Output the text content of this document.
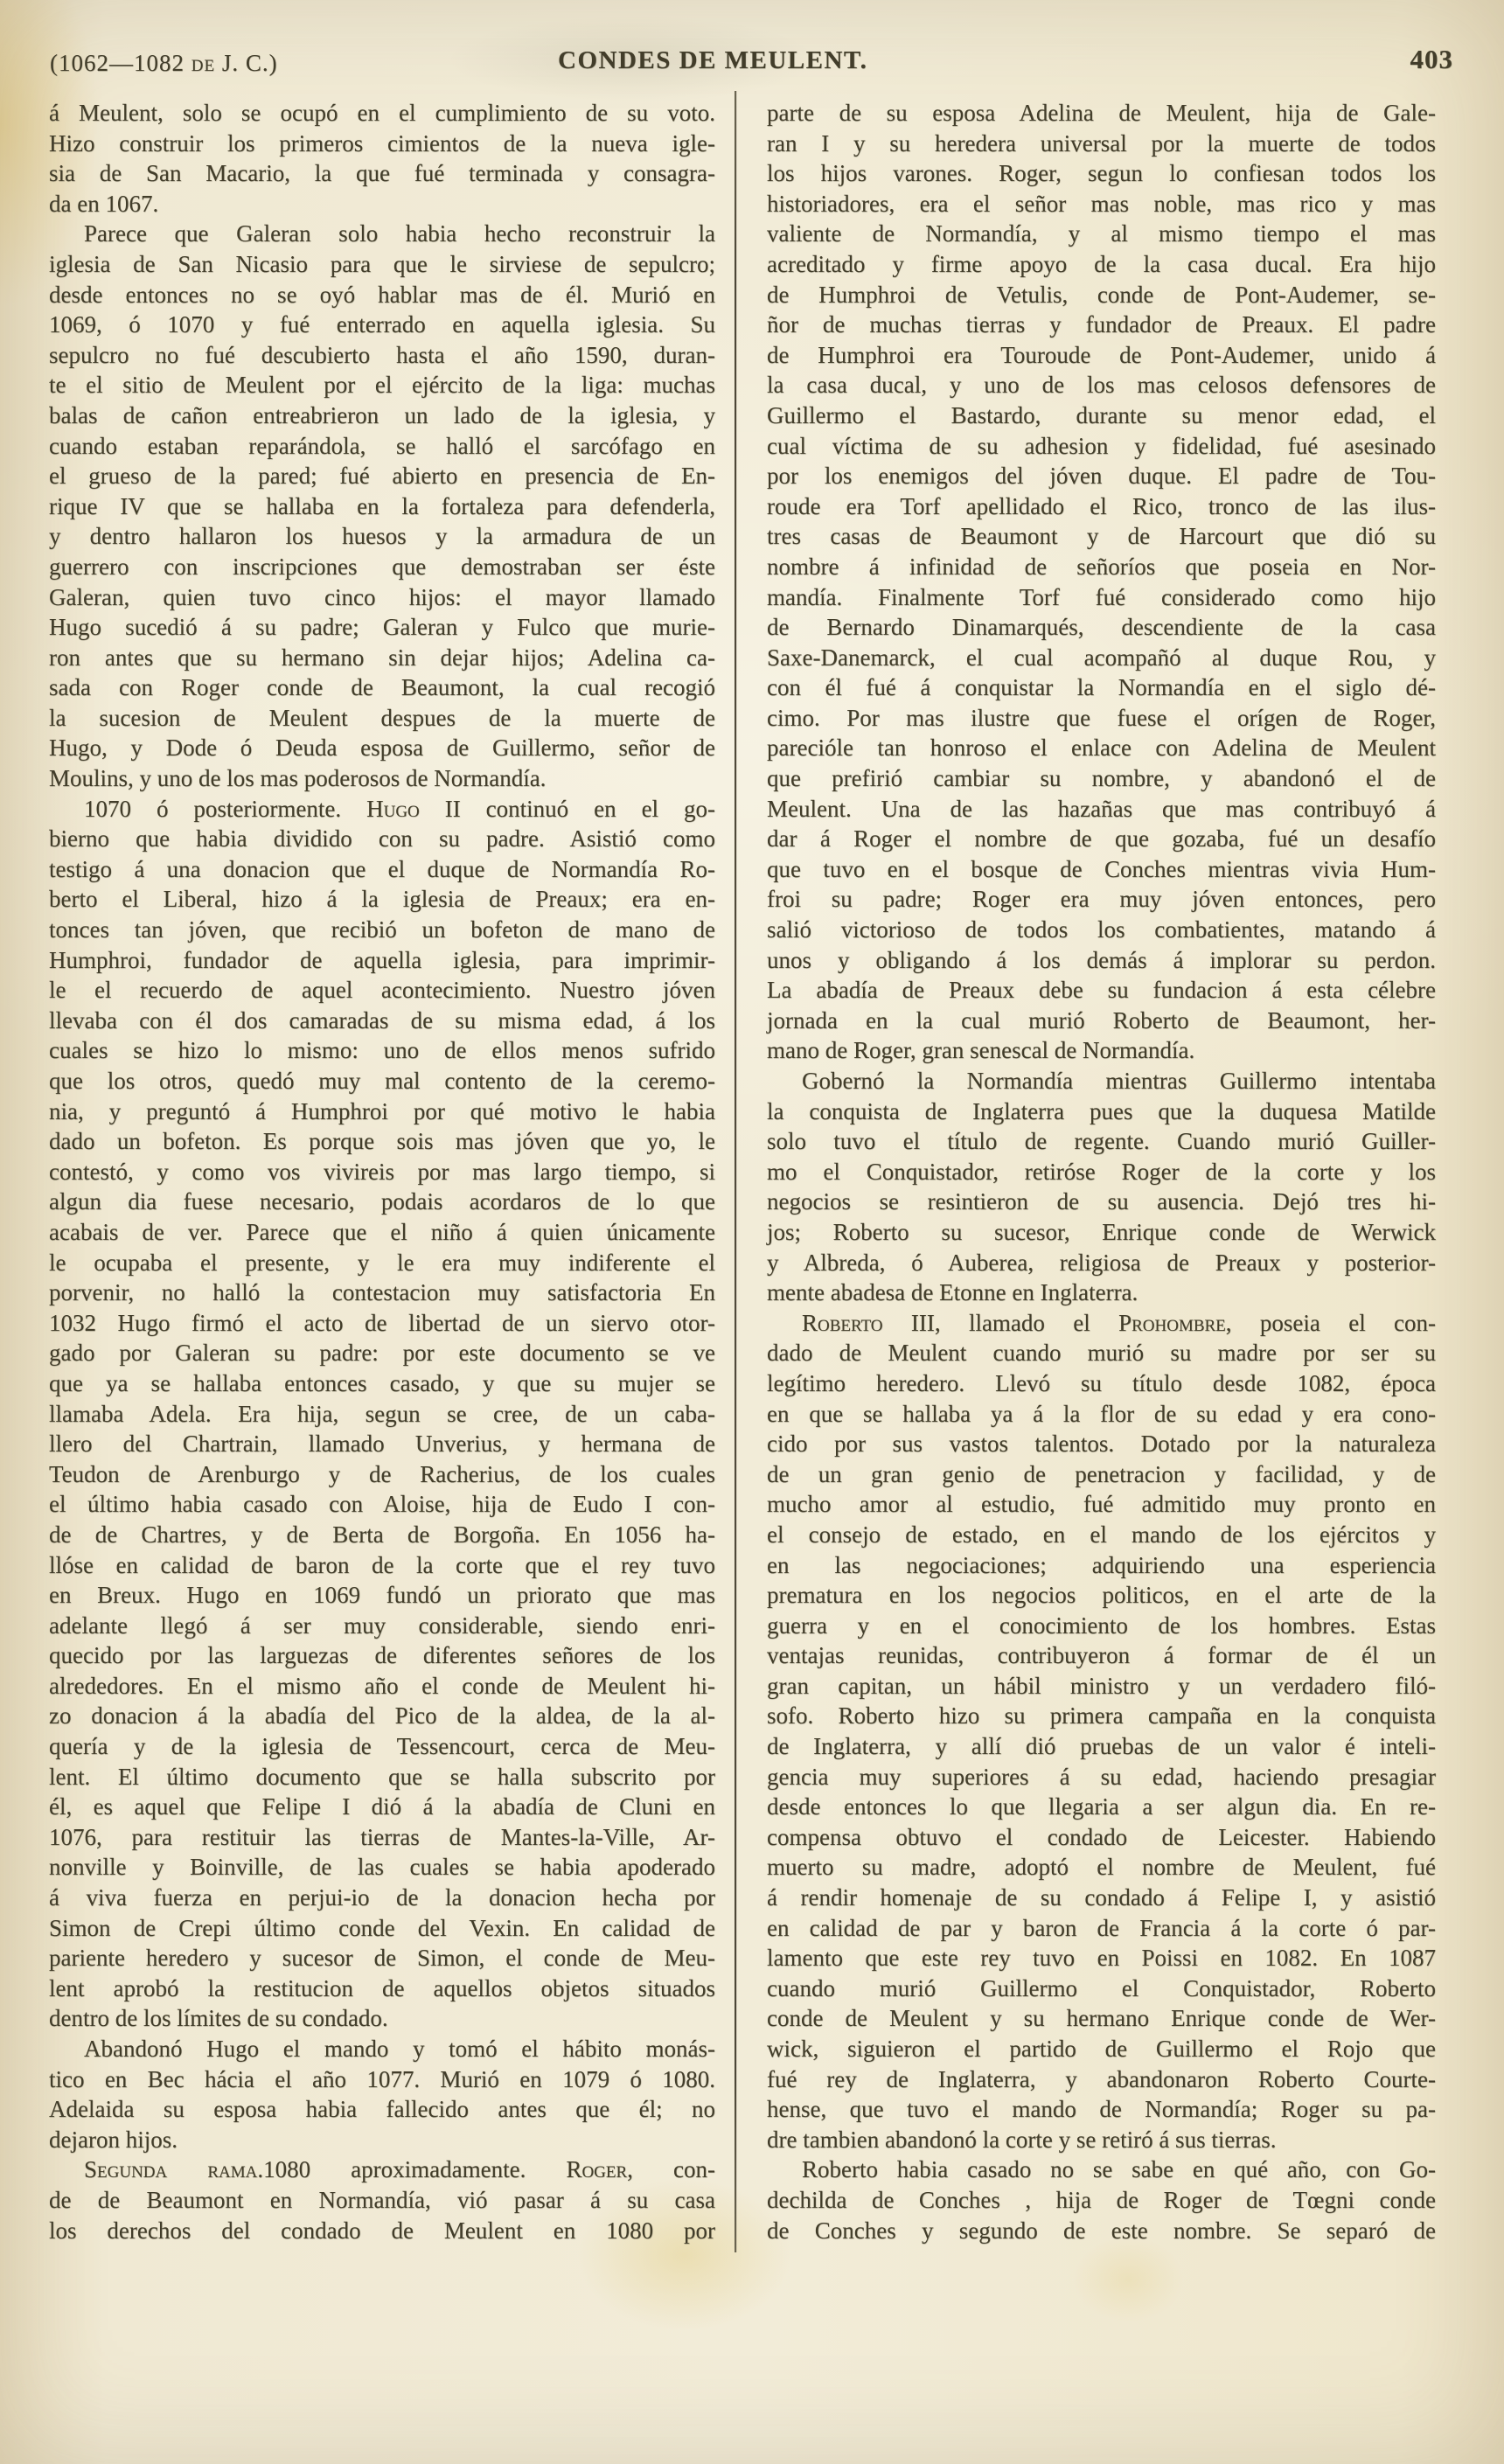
(1062—1082 de J. C.)	CONDES DE MEULENT.	403
á Meulent, solo se ocupó en el cumplimiento de su voto.
Hizo construir los primeros cimientos de la nueva igle-
sia de San Macario, la que fué terminada y consagra-
da en 1067.
Parece que Galeran solo habia hecho reconstruir la
iglesia de San Nicasio para que le sirviese de sepulcro;
desde entonces no se oyó hablar mas de él. Murió en
1069, ó 1070 y fué enterrado en aquella iglesia. Su
sepulcro no fué descubierto hasta el año 1590, duran-
te el sitio de Meulent por el ejército de la liga: muchas
balas de cañon entreabrieron un lado de la iglesia, y
cuando estaban reparándola, se halló el sarcófago en
el grueso de la pared; fué abierto en presencia de En-
rique IV que se hallaba en la fortaleza para defenderla,
y dentro hallaron los huesos y la armadura de un
guerrero con inscripciones que demostraban ser éste
Galeran, quien tuvo cinco hijos: el mayor llamado
Hugo sucedió á su padre; Galeran y Fulco que murie-
ron antes que su hermano sin dejar hijos; Adelina ca-
sada con Roger conde de Beaumont, la cual recogió
la sucesion de Meulent despues de la muerte de
Hugo, y Dode ó Deuda esposa de Guillermo, señor de
Moulins, y uno de los mas poderosos de Normandía.
1070 ó posteriormente. Hugo II continuó en el go-
bierno que habia dividido con su padre. Asistió como
testigo á una donacion que el duque de Normandía Ro-
berto el Liberal, hizo á la iglesia de Preaux; era en-
tonces tan jóven, que recibió un bofeton de mano de
Humphroi, fundador de aquella iglesia, para imprimir-
le el recuerdo de aquel acontecimiento. Nuestro jóven
llevaba con él dos camaradas de su misma edad, á los
cuales se hizo lo mismo: uno de ellos menos sufrido
que los otros, quedó muy mal contento de la ceremo-
nia, y preguntó á Humphroi por qué motivo le habia
dado un bofeton. Es porque sois mas jóven que yo, le
contestó, y como vos vivireis por mas largo tiempo, si
algun dia fuese necesario, podais acordaros de lo que
acabais de ver. Parece que el niño á quien únicamente
le ocupaba el presente, y le era muy indiferente el
porvenir, no halló la contestacion muy satisfactoria En
1032 Hugo firmó el acto de libertad de un siervo otor-
gado por Galeran su padre: por este documento se ve
que ya se hallaba entonces casado, y que su mujer se
llamaba Adela. Era hija, segun se cree, de un caba-
llero del Chartrain, llamado Unverius, y hermana de
Teudon de Arenburgo y de Racherius, de los cuales
el último habia casado con Aloise, hija de Eudo I con-
de de Chartres, y de Berta de Borgoña. En 1056 ha-
llóse en calidad de baron de la corte que el rey tuvo
en Breux. Hugo en 1069 fundó un priorato que mas
adelante llegó á ser muy considerable, siendo enri-
quecido por las larguezas de diferentes señores de los
alrededores. En el mismo año el conde de Meulent hi-
zo donacion á la abadía del Pico de la aldea, de la al-
quería y de la iglesia de Tessencourt, cerca de Meu-
lent. El último documento que se halla subscrito por
él, es aquel que Felipe I dió á la abadía de Cluni en
1076, para restituir las tierras de Mantes-la-Ville, Ar-
nonville y Boinville, de las cuales se habia apoderado
á viva fuerza en perjui-io de la donacion hecha por
Simon de Crepi último conde del Vexin. En calidad de
pariente heredero y sucesor de Simon, el conde de Meu-
lent aprobó la restitucion de aquellos objetos situados
dentro de los límites de su condado.
Abandonó Hugo el mando y tomó el hábito monás-
tico en Bec hácia el año 1077. Murió en 1079 ó 1080.
Adelaida su esposa habia fallecido antes que él; no
dejaron hijos.
Segunda rama.1080 aproximadamente. Roger, con-
de de Beaumont en Normandía, vió pasar á su casa
los derechos del condado de Meulent en 1080 por
parte de su esposa Adelina de Meulent, hija de Gale-
ran I y su heredera universal por la muerte de todos
los hijos varones. Roger, segun lo confiesan todos los
historiadores, era el señor mas noble, mas rico y mas
valiente de Normandía, y al mismo tiempo el mas
acreditado y firme apoyo de la casa ducal. Era hijo
de Humphroi de Vetulis, conde de Pont-Audemer, se-
ñor de muchas tierras y fundador de Preaux. El padre
de Humphroi era Touroude de Pont-Audemer, unido á
la casa ducal, y uno de los mas celosos defensores de
Guillermo el Bastardo, durante su menor edad, el
cual víctima de su adhesion y fidelidad, fué asesinado
por los enemigos del jóven duque. El padre de Tou-
roude era Torf apellidado el Rico, tronco de las ilus-
tres casas de Beaumont y de Harcourt que dió su
nombre á infinidad de señoríos que poseia en Nor-
mandía. Finalmente Torf fué considerado como hijo
de Bernardo Dinamarqués, descendiente de la casa
Saxe-Danemarck, el cual acompañó al duque Rou, y
con él fué á conquistar la Normandía en el siglo dé-
cimo. Por mas ilustre que fuese el orígen de Roger,
parecióle tan honroso el enlace con Adelina de Meulent
que prefirió cambiar su nombre, y abandonó el de
Meulent. Una de las hazañas que mas contribuyó á
dar á Roger el nombre de que gozaba, fué un desafío
que tuvo en el bosque de Conches mientras vivia Hum-
froi su padre; Roger era muy jóven entonces, pero
salió victorioso de todos los combatientes, matando á
unos y obligando á los demás á implorar su perdon.
La abadía de Preaux debe su fundacion á esta célebre
jornada en la cual murió Roberto de Beaumont, her-
mano de Roger, gran senescal de Normandía.
Gobernó la Normandía mientras Guillermo intentaba
la conquista de Inglaterra pues que la duquesa Matilde
solo tuvo el título de regente. Cuando murió Guiller-
mo el Conquistador, retiróse Roger de la corte y los
negocios se resintieron de su ausencia. Dejó tres hi-
jos; Roberto su sucesor, Enrique conde de Werwick
y Albreda, ó Auberea, religiosa de Preaux y posterior-
mente abadesa de Etonne en Inglaterra.
Roberto III, llamado el Prohombre, poseia el con-
dado de Meulent cuando murió su madre por ser su
legítimo heredero. Llevó su título desde 1082, época
en que se hallaba ya á la flor de su edad y era cono-
cido por sus vastos talentos. Dotado por la naturaleza
de un gran genio de penetracion y facilidad, y de
mucho amor al estudio, fué admitido muy pronto en
el consejo de estado, en el mando de los ejércitos y
en las negociaciones; adquiriendo una esperiencia
prematura en los negocios politicos, en el arte de la
guerra y en el conocimiento de los hombres. Estas
ventajas reunidas, contribuyeron á formar de él un
gran capitan, un hábil ministro y un verdadero filó-
sofo. Roberto hizo su primera campaña en la conquista
de Inglaterra, y allí dió pruebas de un valor é inteli-
gencia muy superiores á su edad, haciendo presagiar
desde entonces lo que llegaria a ser algun dia. En re-
compensa obtuvo el condado de Leicester. Habiendo
muerto su madre, adoptó el nombre de Meulent, fué
á rendir homenaje de su condado á Felipe I, y asistió
en calidad de par y baron de Francia á la corte ó par-
lamento que este rey tuvo en Poissi en 1082. En 1087
cuando murió Guillermo el Conquistador, Roberto
conde de Meulent y su hermano Enrique conde de Wer-
wick, siguieron el partido de Guillermo el Rojo que
fué rey de Inglaterra, y abandonaron Roberto Courte-
hense, que tuvo el mando de Normandía; Roger su pa-
dre tambien abandonó la corte y se retiró á sus tierras.
Roberto habia casado no se sabe en qué año, con Go-
dechilda de Conches , hija de Roger de Tœgni conde
de Conches y segundo de este nombre. Se separó de
